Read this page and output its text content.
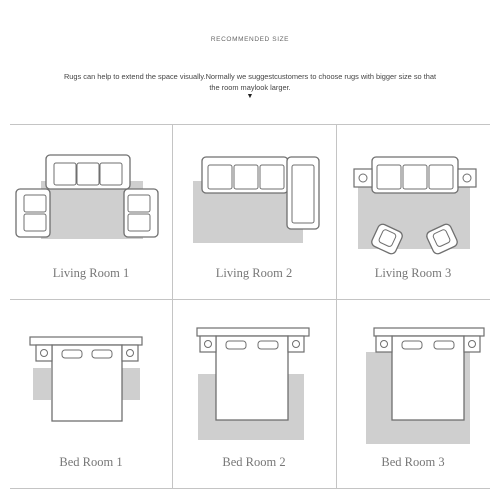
RECOMMENDED SIZE
Rugs can help to extend the space visually.Normally we suggestcustomers to choose rugs with bigger size so that the room maylook larger.
▼
Living Room 1	Living Room 2	Living Room 3
Bed Room 1	Bed Room 2	Bed Room 3
